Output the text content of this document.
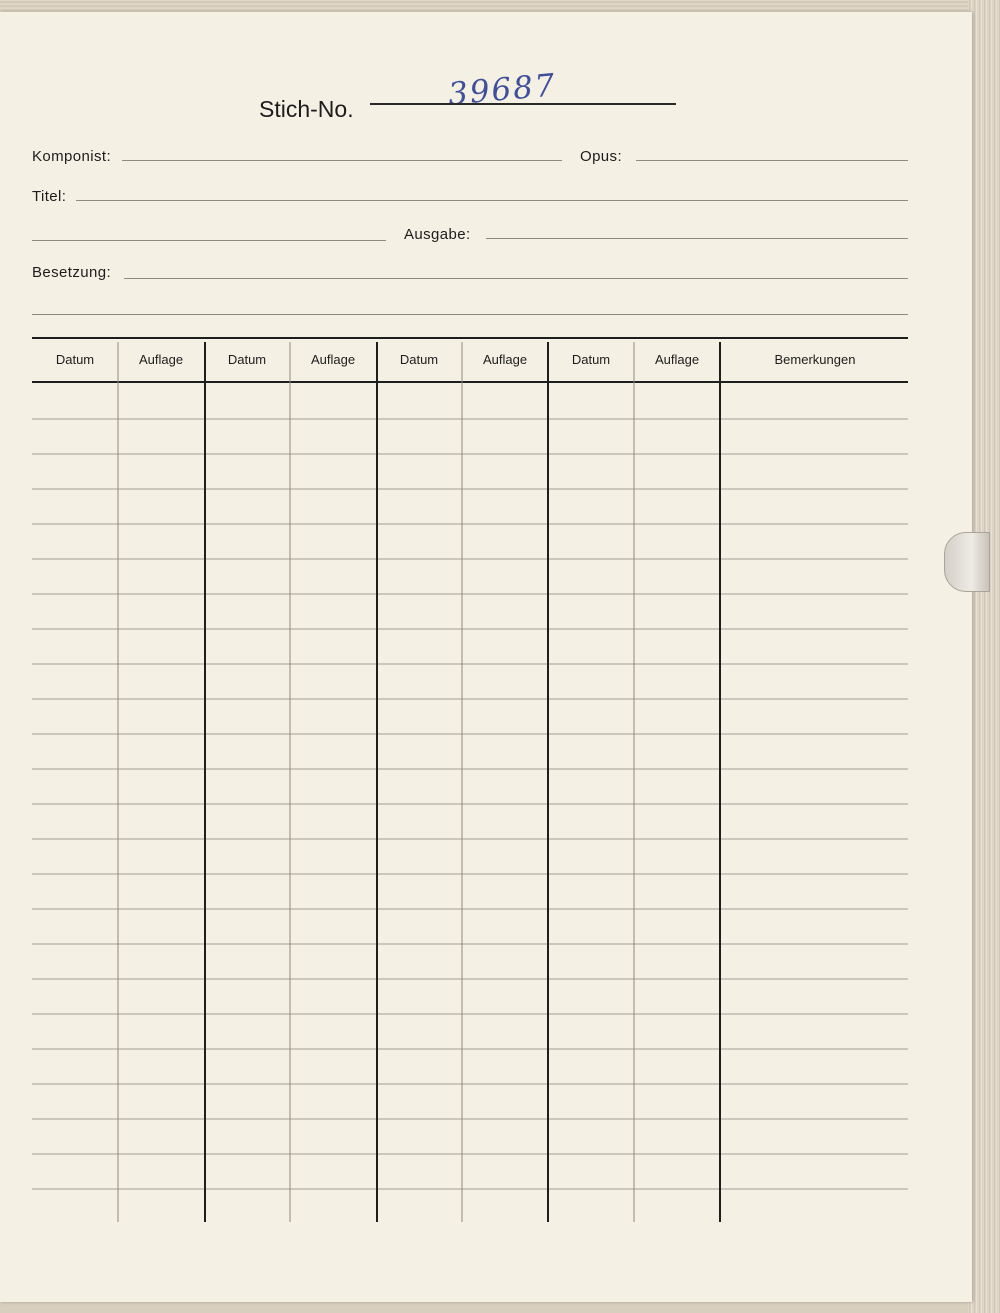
Stich-No.	39687
Komponist:	Opus:
Titel:
Ausgabe:
Besetzung:
Datum	Auflage	Datum	Auflage	Datum	Auflage	Datum	Auflage	Bemerkungen
